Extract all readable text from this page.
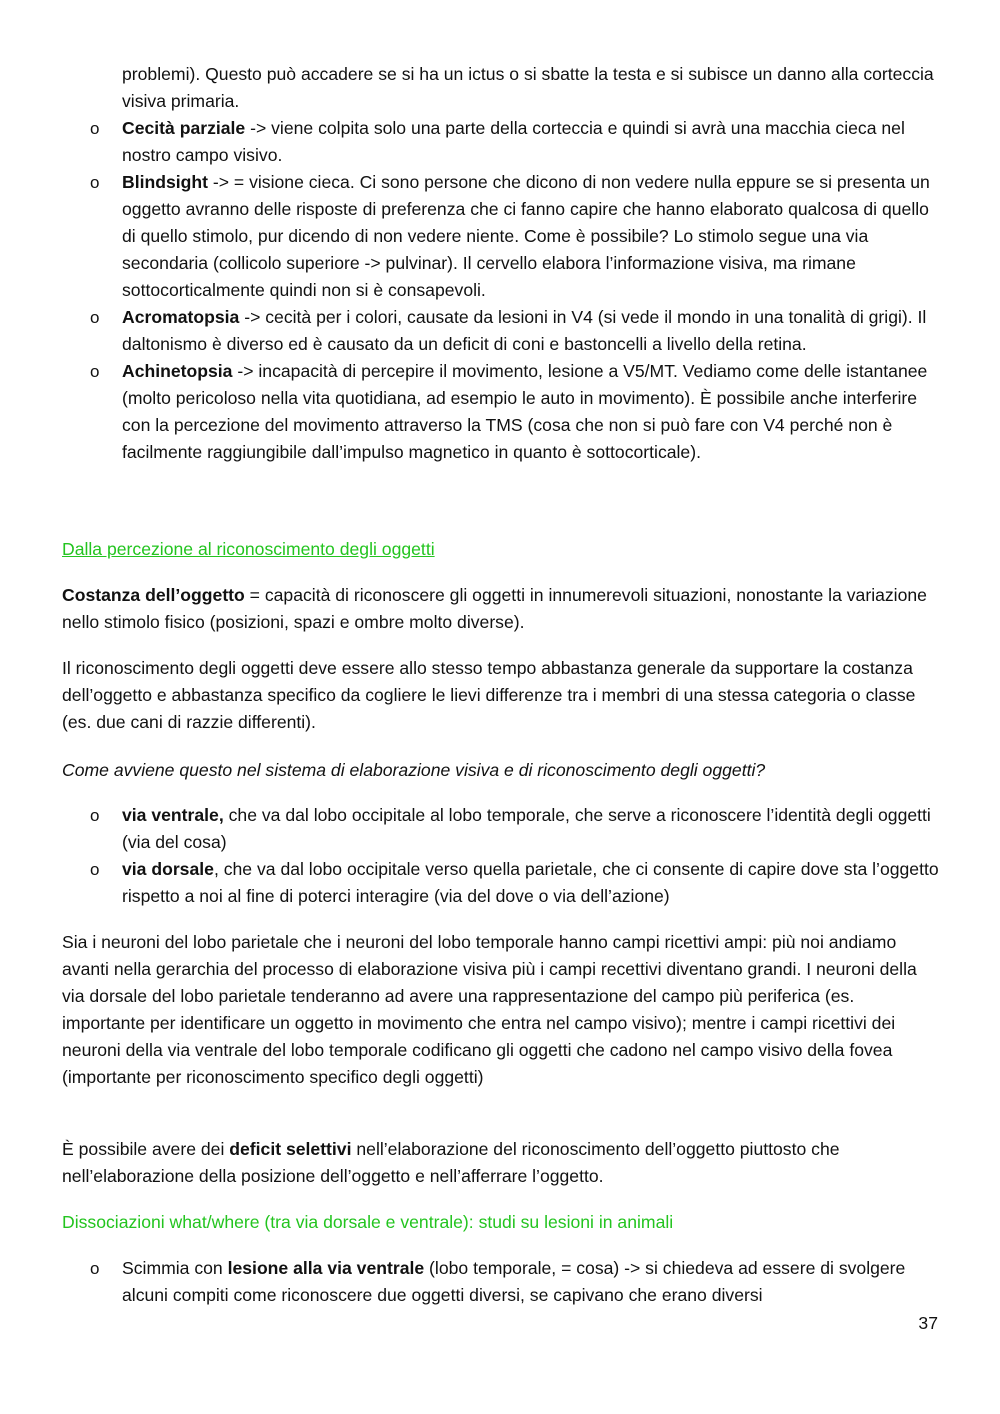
problemi). Questo può accadere se si ha un ictus o si sbatte la testa e si subisce un danno alla corteccia visiva primaria.

o Cecità parziale -> viene colpita solo una parte della corteccia e quindi si avrà una macchia cieca nel nostro campo visivo.
o Blindsight -> = visione cieca. Ci sono persone che dicono di non vedere nulla eppure se si presenta un oggetto avranno delle risposte di preferenza che ci fanno capire che hanno elaborato qualcosa di quello di quello stimolo, pur dicendo di non vedere niente. Come è possibile? Lo stimolo segue una via secondaria (collicolo superiore -> pulvinar). Il cervello elabora l’informazione visiva, ma rimane sottocorticalmente quindi non si è consapevoli.
o Acromatopsia -> cecità per i colori, causate da lesioni in V4 (si vede il mondo in una tonalità di grigi). Il daltonismo è diverso ed è causato da un deficit di coni e bastoncelli a livello della retina.
o Achinetopsia -> incapacità di percepire il movimento, lesione a V5/MT. Vediamo come delle istantanee (molto pericoloso nella vita quotidiana, ad esempio le auto in movimento). È possibile anche interferire con la percezione del movimento attraverso la TMS (cosa che non si può fare con V4 perché non è facilmente raggiungibile dall’impulso magnetico in quanto è sottocorticale).

Dalla percezione al riconoscimento degli oggetti

Costanza dell’oggetto = capacità di riconoscere gli oggetti in innumerevoli situazioni, nonostante la variazione nello stimolo fisico (posizioni, spazi e ombre molto diverse).

Il riconoscimento degli oggetti deve essere allo stesso tempo abbastanza generale da supportare la costanza dell’oggetto e abbastanza specifico da cogliere le lievi differenze tra i membri di una stessa categoria o classe (es. due cani di razzie differenti).

Come avviene questo nel sistema di elaborazione visiva e di riconoscimento degli oggetti?

o via ventrale, che va dal lobo occipitale al lobo temporale, che serve a riconoscere l’identità degli oggetti (via del cosa)
o via dorsale, che va dal lobo occipitale verso quella parietale, che ci consente di capire dove sta l’oggetto rispetto a noi al fine di poterci interagire (via del dove o via dell’azione)

Sia i neuroni del lobo parietale che i neuroni del lobo temporale hanno campi ricettivi ampi: più noi andiamo avanti nella gerarchia del processo di elaborazione visiva più i campi recettivi diventano grandi. I neuroni della via dorsale del lobo parietale tenderanno ad avere una rappresentazione del campo più periferica (es. importante per identificare un oggetto in movimento che entra nel campo visivo); mentre i campi ricettivi dei neuroni della via ventrale del lobo temporale codificano gli oggetti che cadono nel campo visivo della fovea (importante per riconoscimento specifico degli oggetti)

È possibile avere dei deficit selettivi nell’elaborazione del riconoscimento dell’oggetto piuttosto che nell’elaborazione della posizione dell’oggetto e nell’afferrare l’oggetto.

Dissociazioni what/where (tra via dorsale e ventrale): studi su lesioni in animali

o Scimmia con lesione alla via ventrale (lobo temporale, = cosa) -> si chiedeva ad essere di svolgere alcuni compiti come riconoscere due oggetti diversi, se capivano che erano diversi
37
